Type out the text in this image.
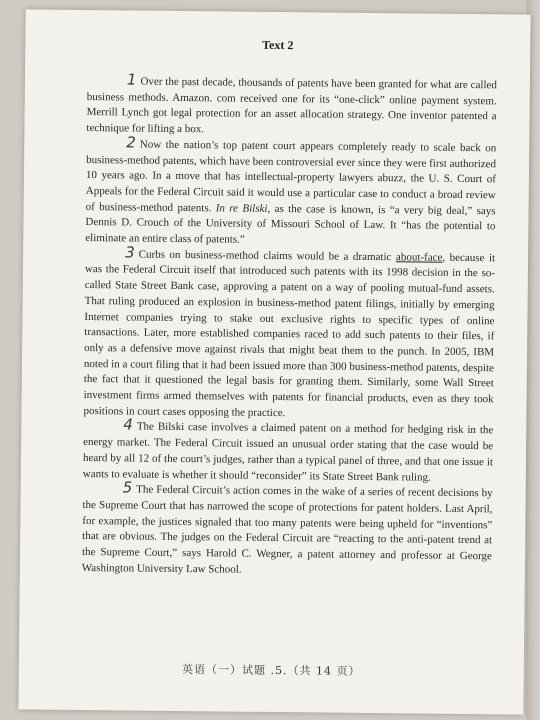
Text 2

1 Over the past decade, thousands of patents have been granted for what are called business methods. Amazon. com received one for its “one-click” online payment system. Merrill Lynch got legal protection for an asset allocation strategy. One inventor patented a technique for lifting a box.

2 Now the nation’s top patent court appears completely ready to scale back on business-method patents, which have been controversial ever since they were first authorized 10 years ago. In a move that has intellectual-property lawyers abuzz, the U. S. Court of Appeals for the Federal Circuit said it would use a particular case to conduct a broad review of business-method patents. In re Bilski, as the case is known, is “a very big deal,” says Dennis D. Crouch of the University of Missouri School of Law. It “has the potential to eliminate an entire class of patents.”

3 Curbs on business-method claims would be a dramatic about-face, because it was the Federal Circuit itself that introduced such patents with its 1998 decision in the so-called State Street Bank case, approving a patent on a way of pooling mutual-fund assets. That ruling produced an explosion in business-method patent filings, initially by emerging Internet companies trying to stake out exclusive rights to specific types of online transactions. Later, more established companies raced to add such patents to their files, if only as a defensive move against rivals that might beat them to the punch. In 2005, IBM noted in a court filing that it had been issued more than 300 business-method patents, despite the fact that it questioned the legal basis for granting them. Similarly, some Wall Street investment firms armed themselves with patents for financial products, even as they took positions in court cases opposing the practice.

4 The Bilski case involves a claimed patent on a method for hedging risk in the energy market. The Federal Circuit issued an unusual order stating that the case would be heard by all 12 of the court’s judges, rather than a typical panel of three, and that one issue it wants to evaluate is whether it should “reconsider” its State Street Bank ruling.

5 The Federal Circuit’s action comes in the wake of a series of recent decisions by the Supreme Court that has narrowed the scope of protections for patent holders. Last April, for example, the justices signaled that too many patents were being upheld for “inventions” that are obvious. The judges on the Federal Circuit are “reacting to the anti-patent trend at the Supreme Court,” says Harold C. Wegner, a patent attorney and professor at George Washington University Law School.

英语（一）试题 .5.（共 14 页）
